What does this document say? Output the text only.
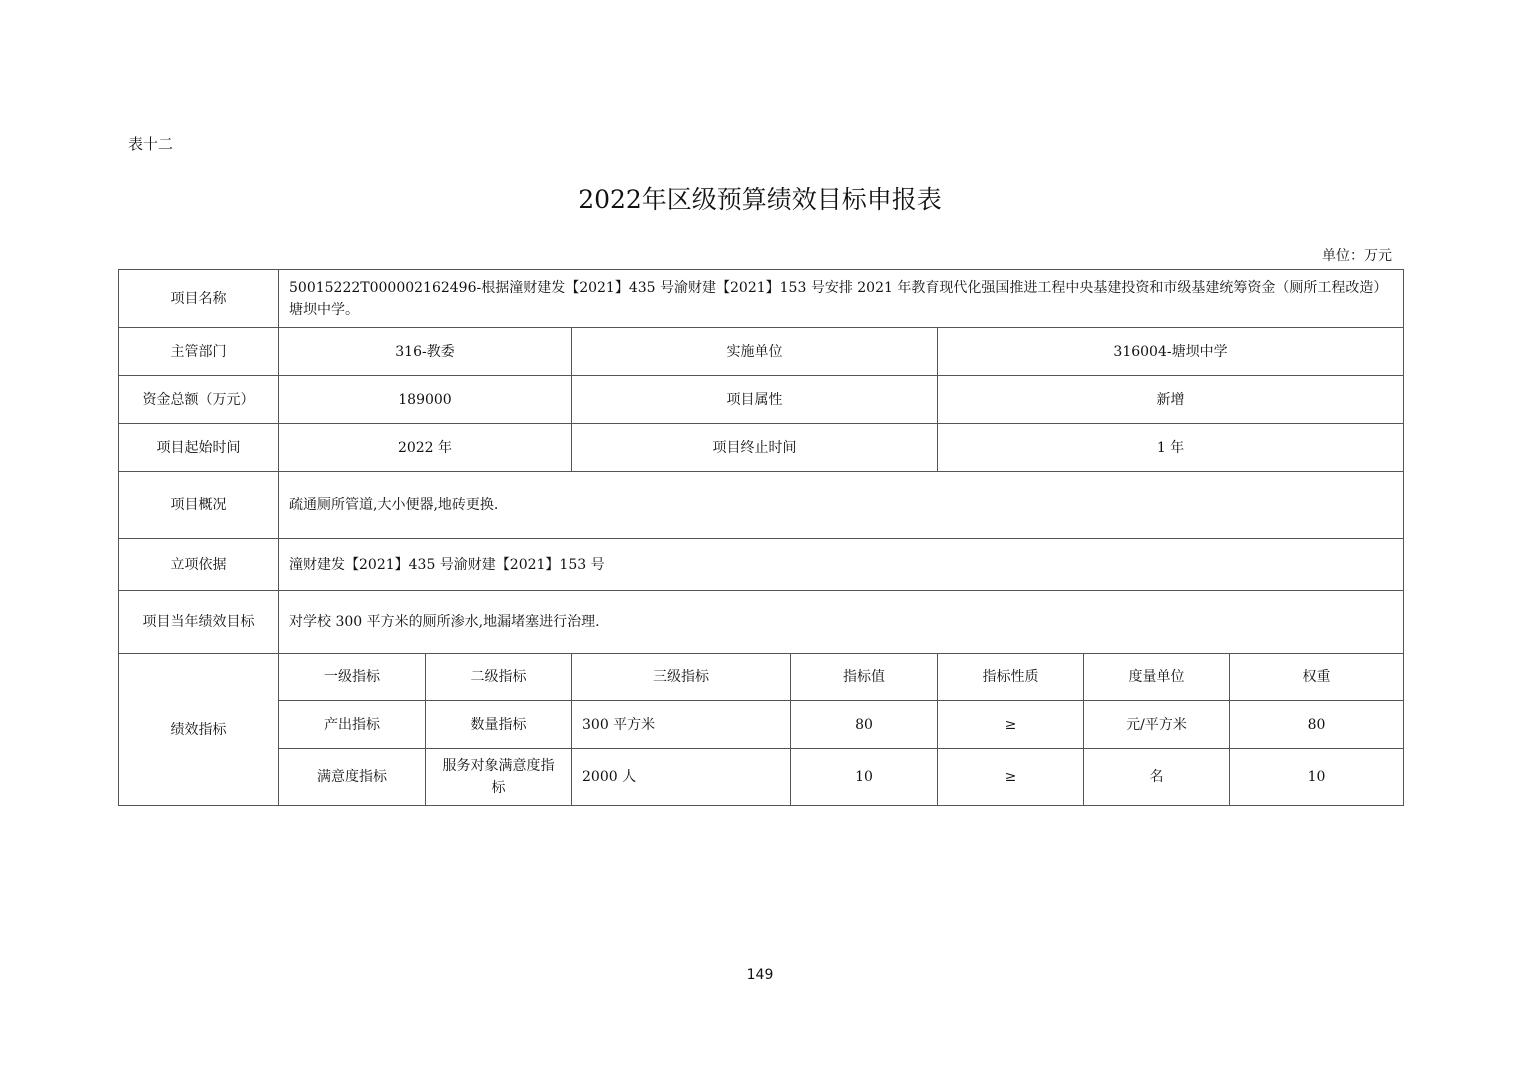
表十二
2022年区级预算绩效目标申报表
单位：万元
项目名称	50015222T000002162496-根据潼财建发【2021】435 号渝财建【2021】153 号安排 2021 年教育现代化强国推进工程中央基建投资和市级基建统筹资金（厕所工程改造）塘坝中学。						
主管部门	316-教委		实施单位		316004-塘坝中学		
资金总额（万元）	189000		项目属性		新增		
项目起始时间	2022 年		项目终止时间		1 年		
项目概况	疏通厕所管道,大小便器,地砖更换.						
立项依据	潼财建发【2021】435 号渝财建【2021】153 号						
项目当年绩效目标	对学校 300 平方米的厕所渗水,地漏堵塞进行治理.						
绩效指标	一级指标	二级指标	三级指标	指标值	指标性质	度量单位	权重
	产出指标	数量指标	300 平方米	80	≥	元/平方米	80
	满意度指标	服务对象满意度指标	2000 人	10	≥	名	10
149
